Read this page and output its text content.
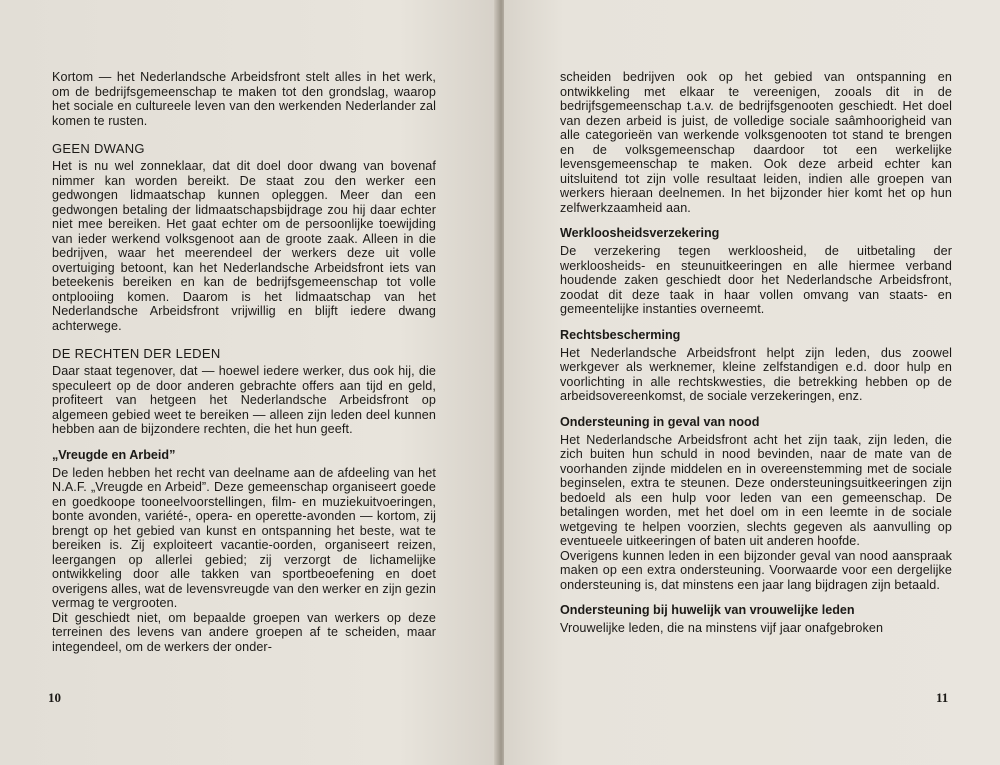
Kortom — het Nederlandsche Arbeidsfront stelt alles in het werk, om de bedrijfsgemeenschap te maken tot den grondslag, waarop het sociale en cultureele leven van den werkenden Nederlander zal komen te rusten.

GEEN DWANG

Het is nu wel zonneklaar, dat dit doel door dwang van bovenaf nimmer kan worden bereikt. De staat zou den werker een gedwongen lidmaatschap kunnen opleggen. Meer dan een gedwongen betaling der lidmaatschapsbijdrage zou hij daar echter niet mee bereiken. Het gaat echter om de persoonlijke toewijding van ieder werkend volksgenoot aan de groote zaak. Alleen in die bedrijven, waar het meerendeel der werkers deze uit volle overtuiging betoont, kan het Nederlandsche Arbeidsfront iets van beteekenis bereiken en kan de bedrijfsgemeenschap tot volle ontplooiing komen. Daarom is het lidmaatschap van het Nederlandsche Arbeidsfront vrijwillig en blijft iedere dwang achterwege.

DE RECHTEN DER LEDEN

Daar staat tegenover, dat — hoewel iedere werker, dus ook hij, die speculeert op de door anderen gebrachte offers aan tijd en geld, profiteert van hetgeen het Nederlandsche Arbeidsfront op algemeen gebied weet te bereiken — alleen zijn leden deel kunnen hebben aan de bijzondere rechten, die het hun geeft.

„Vreugde en Arbeid”

De leden hebben het recht van deelname aan de afdeeling van het N.A.F. „Vreugde en Arbeid”. Deze gemeenschap organiseert goede en goedkoope tooneelvoorstellingen, film- en muziekuitvoeringen, bonte avonden, variété-, opera- en operette-avonden — kortom, zij brengt op het gebied van kunst en ontspanning het beste, wat te bereiken is. Zij exploiteert vacantie-oorden, organiseert reizen, leergangen op allerlei gebied; zij verzorgt de lichamelijke ontwikkeling door alle takken van sportbeoefening en doet overigens alles, wat de levensvreugde van den werker en zijn gezin vermag te vergrooten.

Dit geschiedt niet, om bepaalde groepen van werkers op deze terreinen des levens van andere groepen af te scheiden, maar integendeel, om de werkers der onder-

10

scheiden bedrijven ook op het gebied van ontspanning en ontwikkeling met elkaar te vereenigen, zooals dit in de bedrijfsgemeenschap t.a.v. de bedrijfsgenooten geschiedt. Het doel van dezen arbeid is juist, de volledige sociale saâmhoorigheid van alle categorieën van werkende volksgenooten tot stand te brengen en de volksgemeenschap daardoor tot een werkelijke levensgemeenschap te maken. Ook deze arbeid echter kan uitsluitend tot zijn volle resultaat leiden, indien alle groepen van werkers hieraan deelnemen. In het bijzonder hier komt het op hun zelfwerkzaamheid aan.

Werkloosheidsverzekering

De verzekering tegen werkloosheid, de uitbetaling der werkloosheids- en steunuitkeeringen en alle hiermee verband houdende zaken geschiedt door het Nederlandsche Arbeidsfront, zoodat dit deze taak in haar vollen omvang van staats- en gemeentelijke instanties overneemt.

Rechtsbescherming

Het Nederlandsche Arbeidsfront helpt zijn leden, dus zoowel werkgever als werknemer, kleine zelfstandigen e.d. door hulp en voorlichting in alle rechtskwesties, die betrekking hebben op de arbeidsovereenkomst, de sociale verzekeringen, enz.

Ondersteuning in geval van nood

Het Nederlandsche Arbeidsfront acht het zijn taak, zijn leden, die zich buiten hun schuld in nood bevinden, naar de mate van de voorhanden zijnde middelen en in overeenstemming met de sociale beginselen, extra te steunen. Deze ondersteuningsuitkeeringen zijn bedoeld als een hulp voor leden van een gemeenschap. De betalingen worden, met het doel om in een leemte in de sociale wetgeving te helpen voorzien, slechts gegeven als aanvulling op eventueele uitkeeringen of baten uit anderen hoofde.

Overigens kunnen leden in een bijzonder geval van nood aanspraak maken op een extra ondersteuning. Voorwaarde voor een dergelijke ondersteuning is, dat minstens een jaar lang bijdragen zijn betaald.

Ondersteuning bij huwelijk van vrouwelijke leden

Vrouwelijke leden, die na minstens vijf jaar onafgebroken

11
